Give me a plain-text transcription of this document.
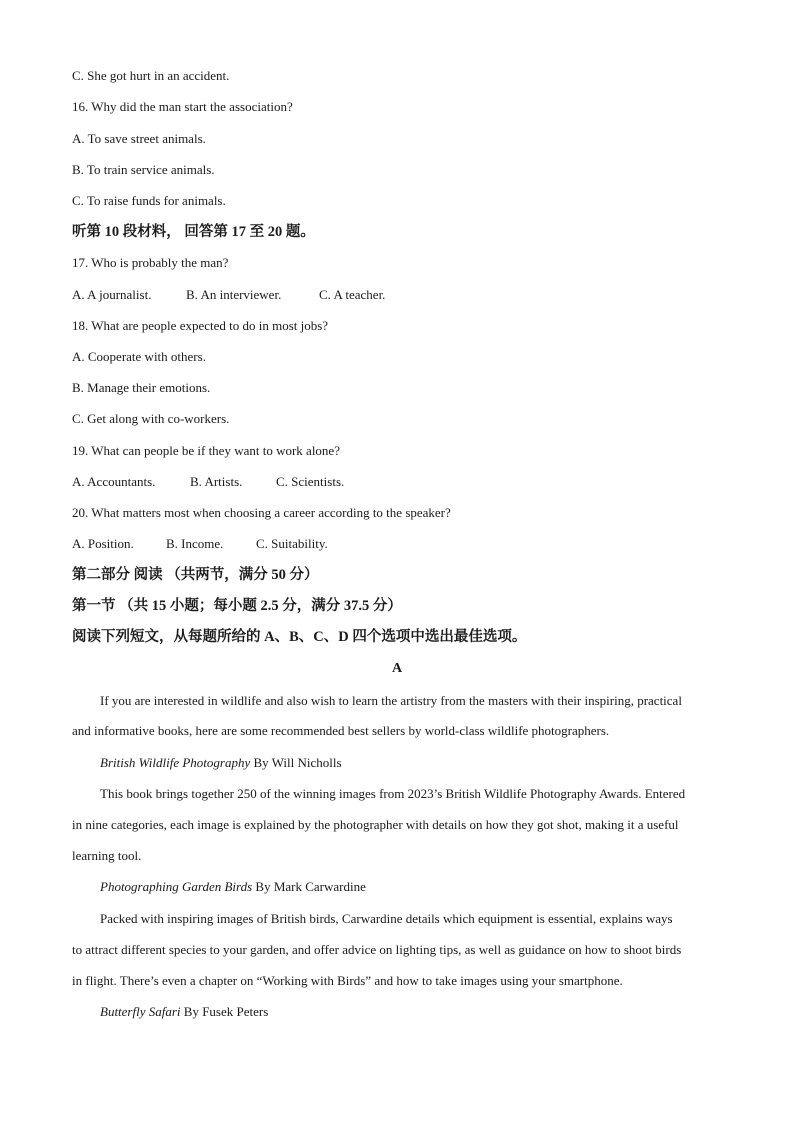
C. She got hurt in an accident.
16. Why did the man start the association?
A. To save street animals.
B. To train service animals.
C. To raise funds for animals.
听第 10 段材料， 回答第 17 至 20 题。
17. Who is probably the man?
A. A journalist.	B. An interviewer.	C. A teacher.
18. What are people expected to do in most jobs?
A. Cooperate with others.
B. Manage their emotions.
C. Get along with co-workers.
19. What can people be if they want to work alone?
A. Accountants.	B. Artists.	C. Scientists.
20. What matters most when choosing a career according to the speaker?
A. Position. B. Income.	C. Suitability.
第二部分 阅读 （共两节，满分 50 分）
第一节 （共 15 小题；每小题 2.5 分，满分 37.5 分）
阅读下列短文，从每题所给的 A、B、C、D 四个选项中选出最佳选项。
A
If you are interested in wildlife and also wish to learn the artistry from the masters with their inspiring, practical
and informative books, here are some recommended best sellers by world-class wildlife photographers.
British Wildlife Photography By Will Nicholls
This book brings together 250 of the winning images from 2023’s British Wildlife Photography Awards. Entered
in nine categories, each image is explained by the photographer with details on how they got shot, making it a useful
learning tool.
Photographing Garden Birds By Mark Carwardine
Packed with inspiring images of British birds, Carwardine details which equipment is essential, explains ways
to attract different species to your garden, and offer advice on lighting tips, as well as guidance on how to shoot birds
in flight. There’s even a chapter on “Working with Birds” and how to take images using your smartphone.
Butterfly Safari By Fusek Peters
